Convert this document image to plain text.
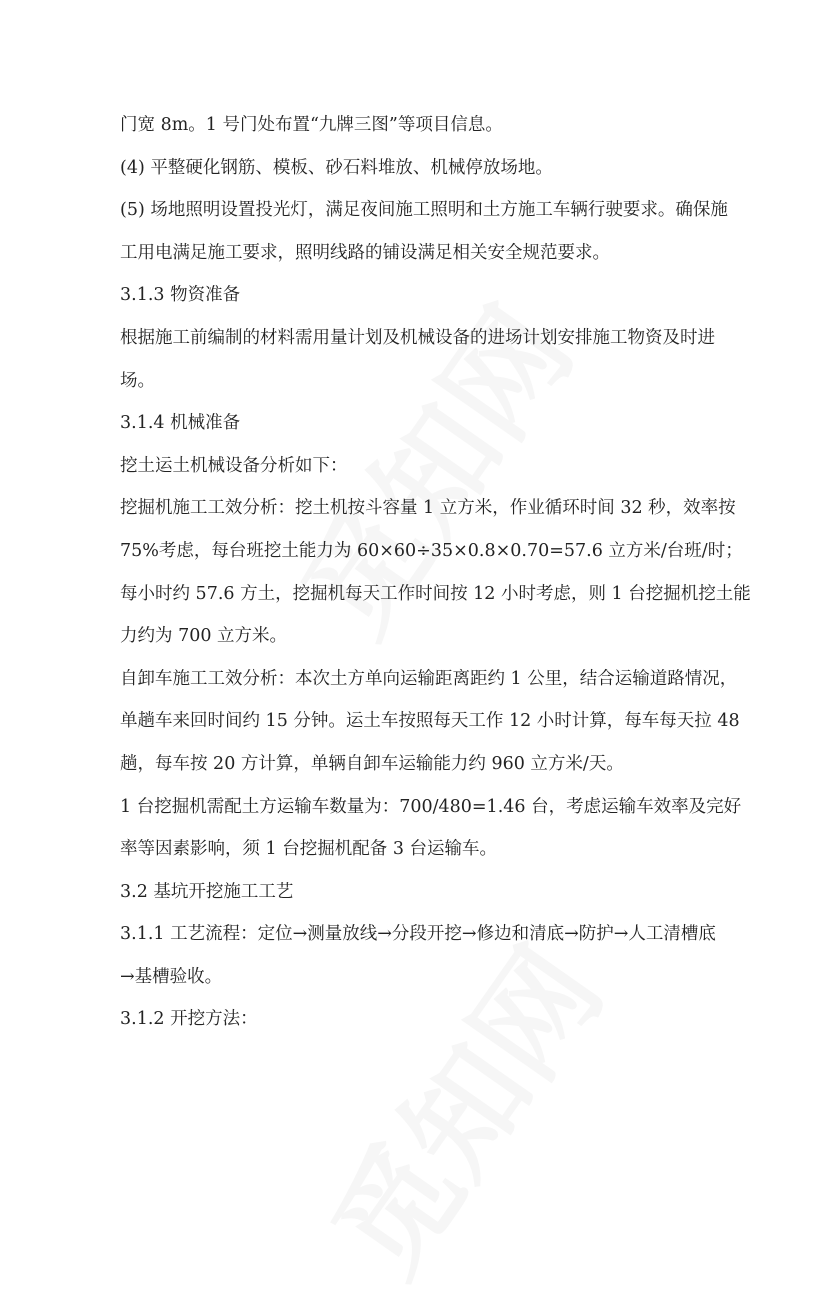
门宽 8m。1 号门处布置“九牌三图”等项目信息。
(4) 平整硬化钢筋、模板、砂石料堆放、机械停放场地。
(5) 场地照明设置投光灯，满足夜间施工照明和土方施工车辆行驶要求。确保施
工用电满足施工要求，照明线路的铺设满足相关安全规范要求。
3.1.3 物资准备
根据施工前编制的材料需用量计划及机械设备的进场计划安排施工物资及时进
场。
3.1.4 机械准备
挖土运土机械设备分析如下：
挖掘机施工工效分析：挖土机按斗容量 1 立方米，作业循环时间 32 秒，效率按
75%考虑，每台班挖土能力为 60×60÷35×0.8×0.70=57.6 立方米/台班/时；
每小时约 57.6 方土，挖掘机每天工作时间按 12 小时考虑，则 1 台挖掘机挖土能
力约为 700 立方米。
自卸车施工工效分析：本次土方单向运输距离距约 1 公里，结合运输道路情况，
单趟车来回时间约 15 分钟。运土车按照每天工作 12 小时计算，每车每天拉 48
趟，每车按 20 方计算，单辆自卸车运输能力约 960 立方米/天。
1 台挖掘机需配土方运输车数量为：700/480=1.46 台，考虑运输车效率及完好
率等因素影响，须 1 台挖掘机配备 3 台运输车。
3.2 基坑开挖施工工艺
3.1.1 工艺流程：定位→测量放线→分段开挖→修边和清底→防护→人工清槽底
→基槽验收。
3.1.2 开挖方法：
